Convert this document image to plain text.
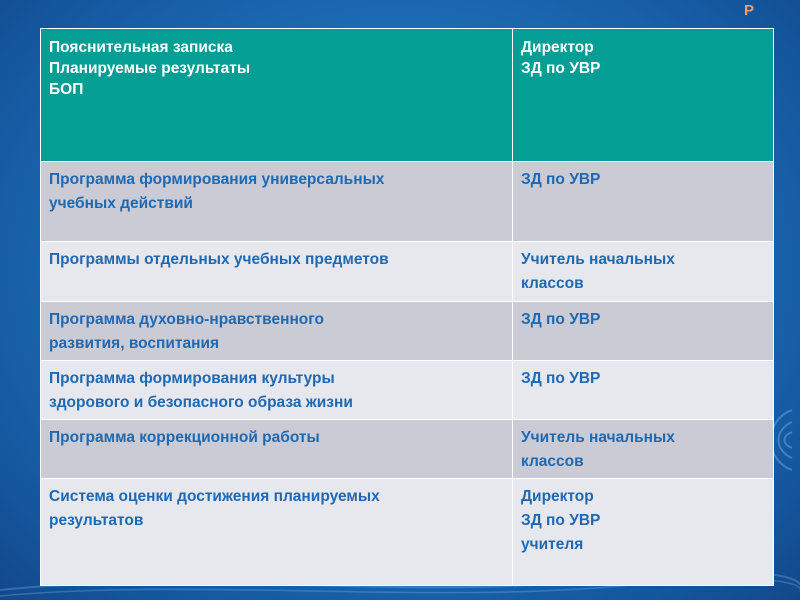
Р
Пояснительная записка
Планируемые результаты
БОП	Директор
ЗД по УВР

Программа формирования универсальных
учебных действий	ЗД по УВР

Программы отдельных учебных предметов	Учитель начальных
классов

Программа духовно-нравственного
развития, воспитания	ЗД по УВР

Программа формирования культуры
здорового и безопасного образа жизни	ЗД по УВР

Программа коррекционной работы	Учитель начальных
классов

Система оценки достижения планируемых
результатов	Директор
ЗД по УВР
учителя
